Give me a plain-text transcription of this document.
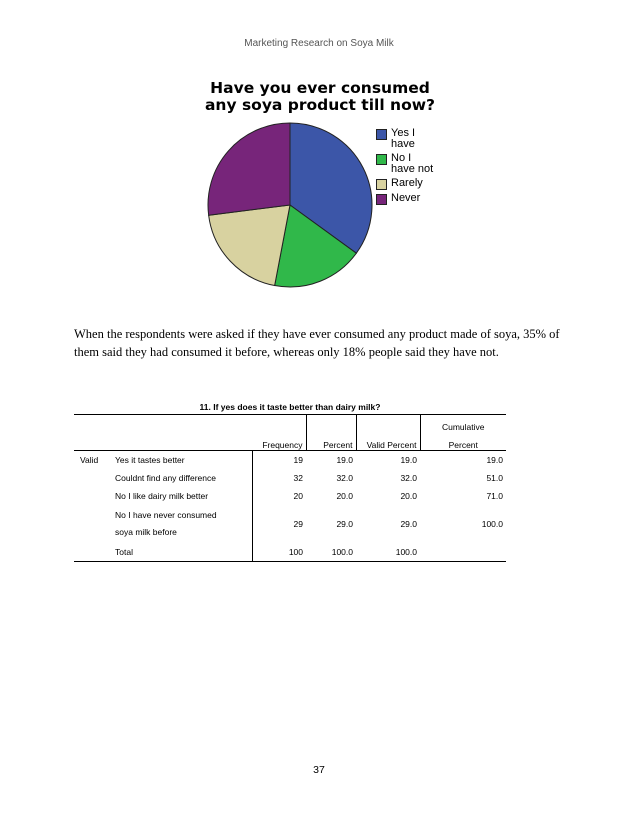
Marketing Research on Soya Milk
Have you ever consumed
any soya product till now?
Yes I
have
No I
have not
Rarely
Never
When the respondents were asked if they have ever consumed any product made of soya, 35% of them said they had consumed it before, whereas only 18% people said they have not.
11. If yes does it taste better than dairy milk?
		Frequency	Percent	Valid Percent	Cumulative
Percent

Valid	Yes it tastes better	19	19.0	19.0	19.0
	Couldnt find any difference	32	32.0	32.0	51.0
	No I like dairy milk better	20	20.0	20.0	71.0

	No I have never consumed
soya milk before	29	29.0	29.0	100.0
	Total	100	100.0	100.0	
37
